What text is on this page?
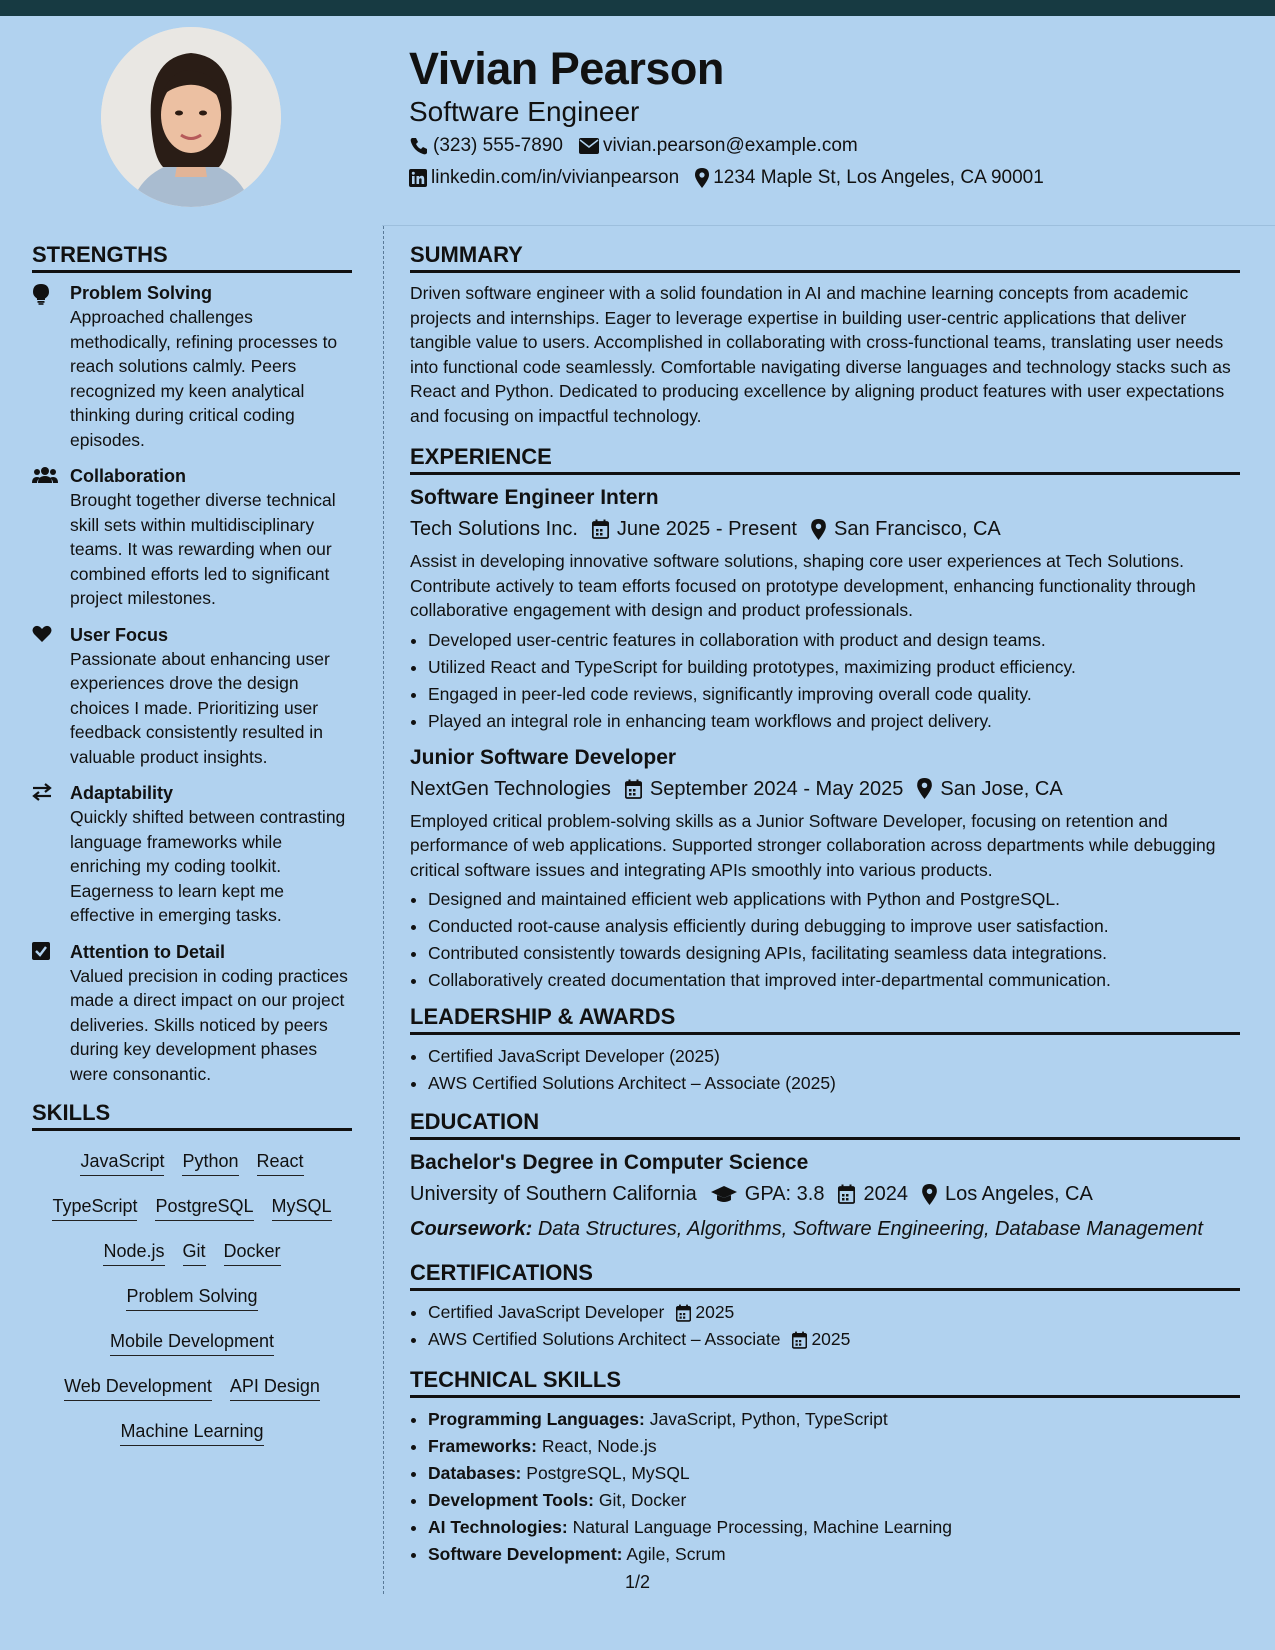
Vivian Pearson
Software Engineer
(323) 555-7890 vivian.pearson@example.com
linkedin.com/in/vivianpearson 1234 Maple St, Los Angeles, CA 90001
STRENGTHS
Problem Solving
Approached challenges methodically, refining processes to reach solutions calmly. Peers recognized my keen analytical thinking during critical coding episodes.
Collaboration
Brought together diverse technical skill sets within multidisciplinary teams. It was rewarding when our combined efforts led to significant project milestones.
User Focus
Passionate about enhancing user experiences drove the design choices I made. Prioritizing user feedback consistently resulted in valuable product insights.
Adaptability
Quickly shifted between contrasting language frameworks while enriching my coding toolkit. Eagerness to learn kept me effective in emerging tasks.
Attention to Detail
Valued precision in coding practices made a direct impact on our project deliveries. Skills noticed by peers during key development phases were consonantic.
SKILLS
JavaScript Python React
TypeScript PostgreSQL MySQL
Node.js Git Docker
Problem Solving
Mobile Development
Web Development API Design
Machine Learning
SUMMARY

Driven software engineer with a solid foundation in AI and machine learning concepts from academic projects and internships. Eager to leverage expertise in building user-centric applications that deliver tangible value to users. Accomplished in collaborating with cross-functional teams, translating user needs into functional code seamlessly. Comfortable navigating diverse languages and technology stacks such as React and Python. Dedicated to producing excellence by aligning product features with user expectations and focusing on impactful technology.

EXPERIENCE
Software Engineer Intern
Tech Solutions Inc. June 2025 - Present San Francisco, CA

Assist in developing innovative software solutions, shaping core user experiences at Tech Solutions. Contribute actively to team efforts focused on prototype development, enhancing functionality through collaborative engagement with design and product professionals.

• Developed user-centric features in collaboration with product and design teams.
• Utilized React and TypeScript for building prototypes, maximizing product efficiency.
• Engaged in peer-led code reviews, significantly improving overall code quality.
• Played an integral role in enhancing team workflows and project delivery.
Junior Software Developer
NextGen Technologies September 2024 - May 2025 San Jose, CA

Employed critical problem-solving skills as a Junior Software Developer, focusing on retention and performance of web applications. Supported stronger collaboration across departments while debugging critical software issues and integrating APIs smoothly into various products.

• Designed and maintained efficient web applications with Python and PostgreSQL.
• Conducted root-cause analysis efficiently during debugging to improve user satisfaction.
• Contributed consistently towards designing APIs, facilitating seamless data integrations.
• Collaboratively created documentation that improved inter-departmental communication.
LEADERSHIP & AWARDS
• Certified JavaScript Developer (2025)
• AWS Certified Solutions Architect – Associate (2025)
EDUCATION
Bachelor's Degree in Computer Science
University of Southern California GPA: 3.8 2024 Los Angeles, CA
Coursework: Data Structures, Algorithms, Software Engineering, Database Management
CERTIFICATIONS
• Certified JavaScript Developer 2025
• AWS Certified Solutions Architect – Associate 2025
TECHNICAL SKILLS
• Programming Languages: JavaScript, Python, TypeScript
• Frameworks: React, Node.js
• Databases: PostgreSQL, MySQL
• Development Tools: Git, Docker
• AI Technologies: Natural Language Processing, Machine Learning
• Software Development: Agile, Scrum
1/2
